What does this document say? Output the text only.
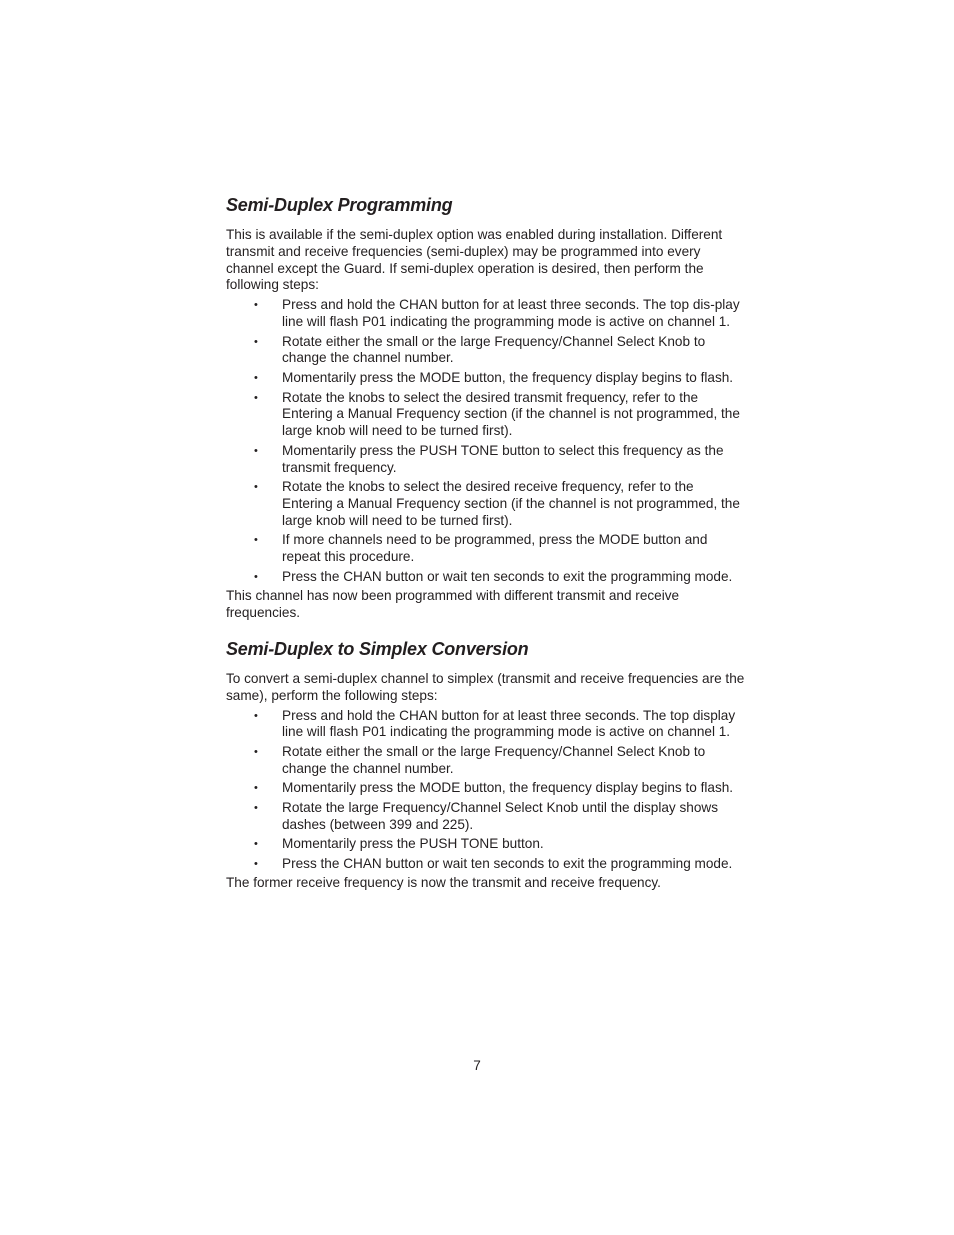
Semi-Duplex Programming

This is available if the semi-duplex option was enabled during installation. Different transmit and receive frequencies (semi-duplex) may be programmed into every channel except the Guard. If semi-duplex operation is desired, then perform the following steps:

• Press and hold the CHAN button for at least three seconds. The top dis-play line will flash P01 indicating the programming mode is active on channel 1.
• Rotate either the small or the large Frequency/Channel Select Knob to change the channel number.
• Momentarily press the MODE button, the frequency display begins to flash.
• Rotate the knobs to select the desired transmit frequency, refer to the Entering a Manual Frequency section (if the channel is not programmed, the large knob will need to be turned first).
• Momentarily press the PUSH TONE button to select this frequency as the transmit frequency.
• Rotate the knobs to select the desired receive frequency, refer to the Entering a Manual Frequency section (if the channel is not programmed, the large knob will need to be turned first).
• If more channels need to be programmed, press the MODE button and repeat this procedure.
• Press the CHAN button or wait ten seconds to exit the programming mode.

This channel has now been programmed with different transmit and receive frequencies.

Semi-Duplex to Simplex Conversion

To convert a semi-duplex channel to simplex (transmit and receive frequencies are the same), perform the following steps:

• Press and hold the CHAN button for at least three seconds. The top display line will flash P01 indicating the programming mode is active on channel 1.
• Rotate either the small or the large Frequency/Channel Select Knob to change the channel number.
• Momentarily press the MODE button, the frequency display begins to flash.
• Rotate the large Frequency/Channel Select Knob until the display shows dashes (between 399 and 225).
• Momentarily press the PUSH TONE button.
• Press the CHAN button or wait ten seconds to exit the programming mode.

The former receive frequency is now the transmit and receive frequency.

7
